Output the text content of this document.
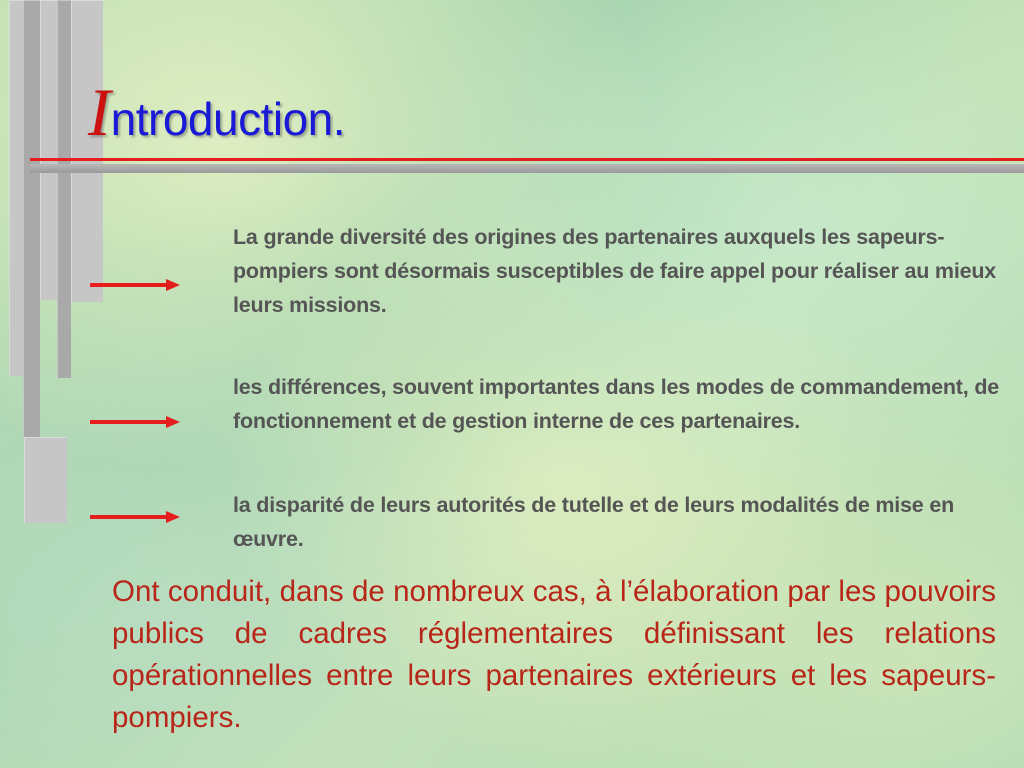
Introduction.

La grande diversité des origines des partenaires auxquels les sapeurs-pompiers sont désormais susceptibles de faire appel pour réaliser au mieux leurs missions.

les différences, souvent importantes dans les modes de commandement, de fonctionnement et de gestion interne de ces partenaires.

la disparité de leurs autorités de tutelle et de leurs modalités de mise en œuvre.

Ont conduit, dans de nombreux cas, à l’élaboration par les pouvoirs publics de cadres réglementaires définissant les relations opérationnelles entre leurs partenaires extérieurs et les sapeurs-pompiers.
